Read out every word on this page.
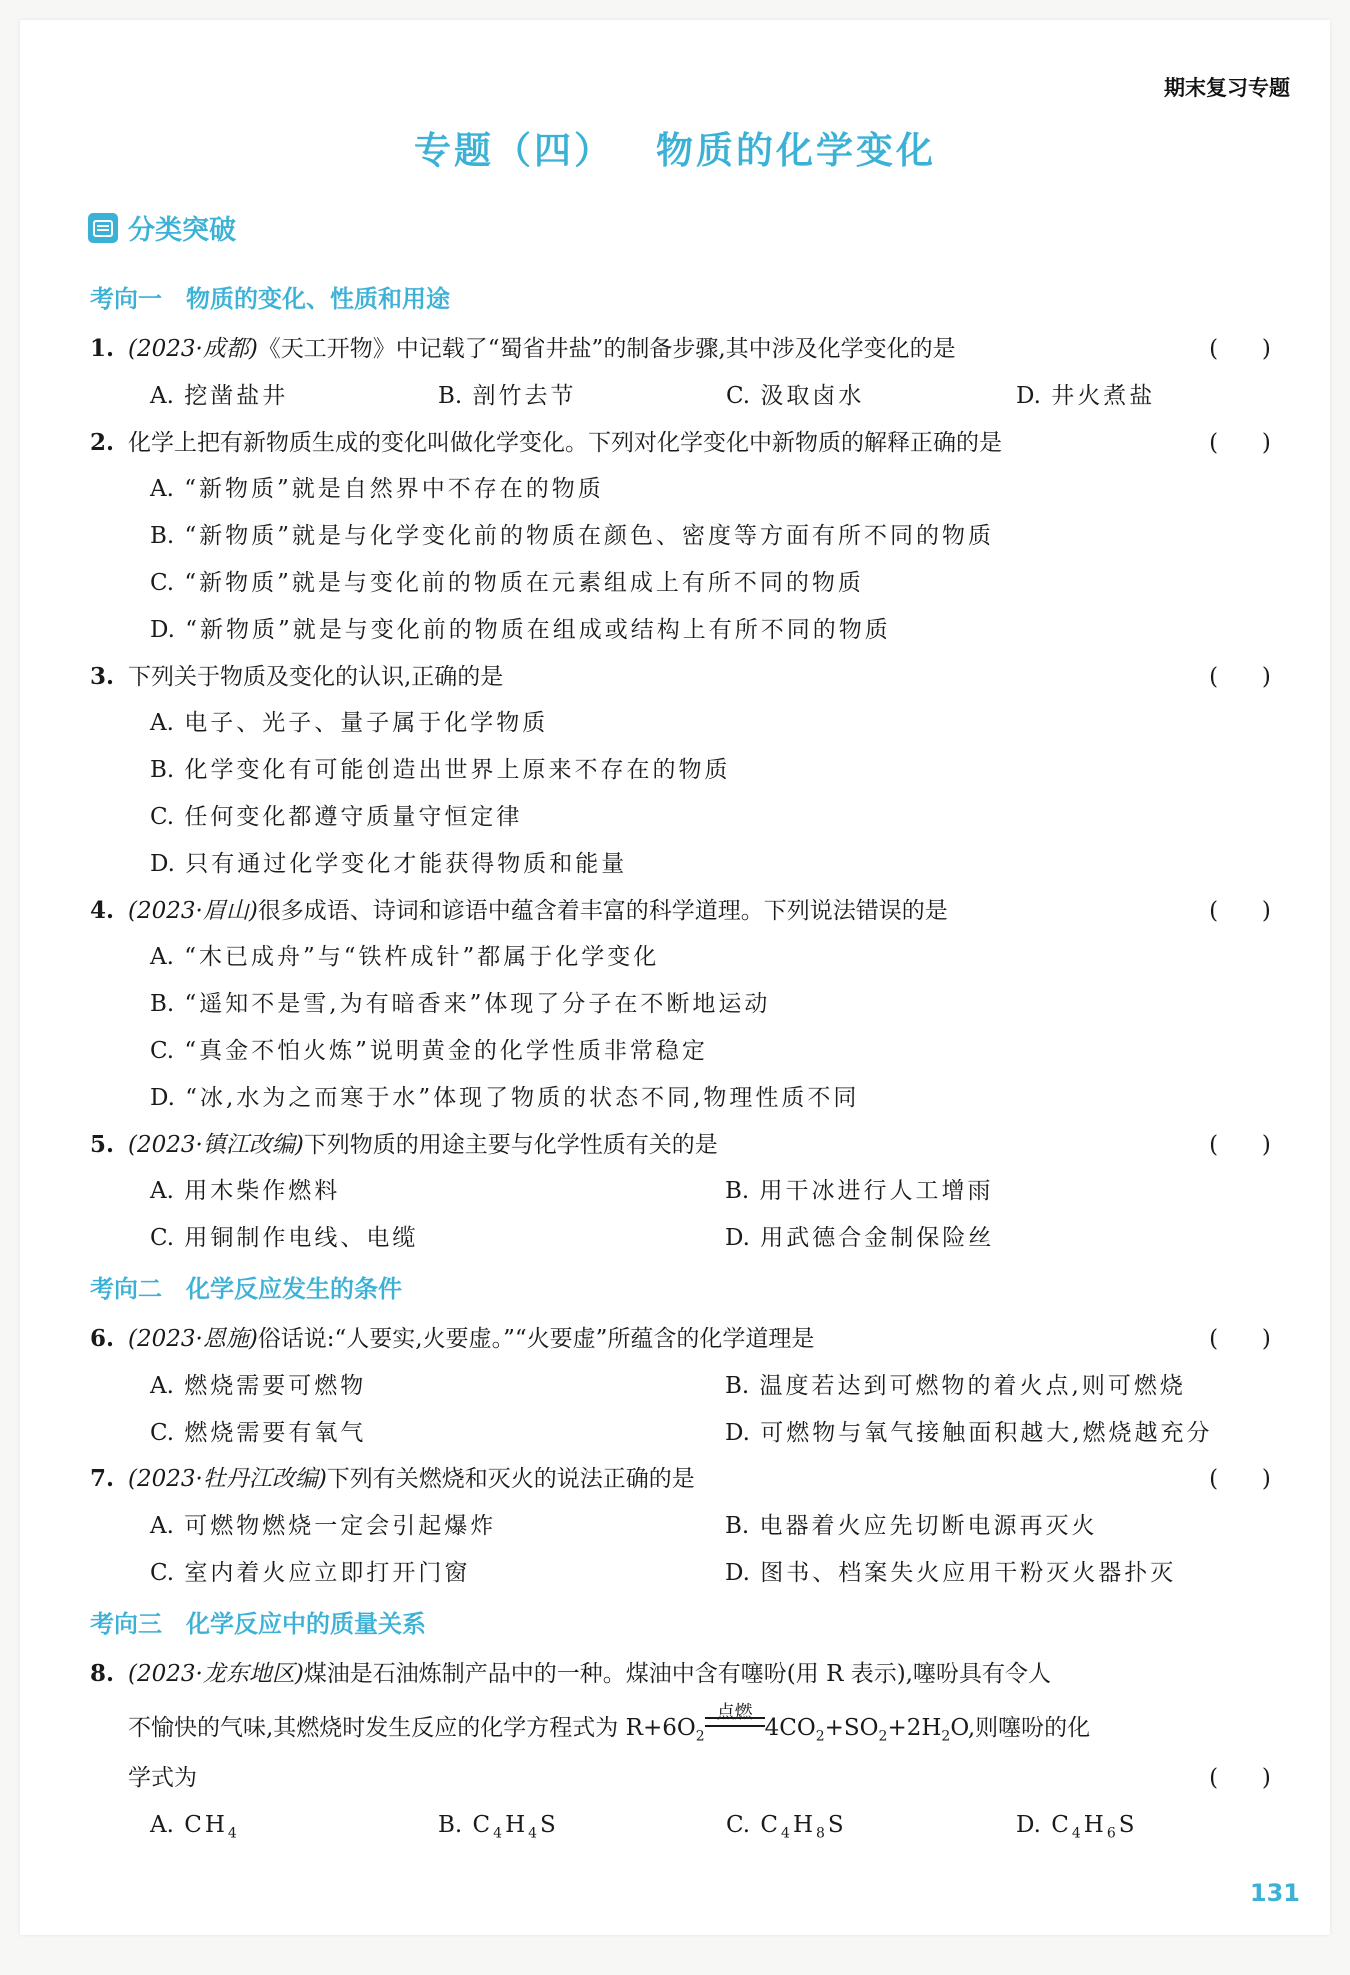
期末复习专题
专题（四） 物质的化学变化
分类突破
考向一 物质的变化、性质和用途
1. (2023·成都)《天工开物》中记载了“蜀省井盐”的制备步骤,其中涉及化学变化的是	(      )
A. 挖凿盐井	B. 剖竹去节	C. 汲取卤水	D. 井火煮盐
2. 化学上把有新物质生成的变化叫做化学变化。下列对化学变化中新物质的解释正确的是	(      )
A. “新物质”就是自然界中不存在的物质
B. “新物质”就是与化学变化前的物质在颜色、密度等方面有所不同的物质
C. “新物质”就是与变化前的物质在元素组成上有所不同的物质
D. “新物质”就是与变化前的物质在组成或结构上有所不同的物质
3. 下列关于物质及变化的认识,正确的是	(      )
A. 电子、光子、量子属于化学物质
B. 化学变化有可能创造出世界上原来不存在的物质
C. 任何变化都遵守质量守恒定律
D. 只有通过化学变化才能获得物质和能量
4. (2023·眉山)很多成语、诗词和谚语中蕴含着丰富的科学道理。下列说法错误的是	(      )
A. “木已成舟”与“铁杵成针”都属于化学变化
B. “遥知不是雪,为有暗香来”体现了分子在不断地运动
C. “真金不怕火炼”说明黄金的化学性质非常稳定
D. “冰,水为之而寒于水”体现了物质的状态不同,物理性质不同
5. (2023·镇江改编)下列物质的用途主要与化学性质有关的是	(      )
A. 用木柴作燃料	B. 用干冰进行人工增雨
C. 用铜制作电线、电缆	D. 用武德合金制保险丝
考向二 化学反应发生的条件
6. (2023·恩施)俗话说:“人要实,火要虚。”“火要虚”所蕴含的化学道理是	(      )
A. 燃烧需要可燃物	B. 温度若达到可燃物的着火点,则可燃烧
C. 燃烧需要有氧气	D. 可燃物与氧气接触面积越大,燃烧越充分
7. (2023·牡丹江改编)下列有关燃烧和灭火的说法正确的是	(      )
A. 可燃物燃烧一定会引起爆炸	B. 电器着火应先切断电源再灭火
C. 室内着火应立即打开门窗	D. 图书、档案失火应用干粉灭火器扑灭
考向三 化学反应中的质量关系
8. (2023·龙东地区)煤油是石油炼制产品中的一种。煤油中含有噻吩(用 R 表示),噻吩具有令人
不愉快的气味,其燃烧时发生反应的化学方程式为 $R+6O_2$
点燃
$4CO_2+SO_2+2H_2O$,则噻吩的化
学式为	(      )
A. $CH_4$	B. $C_4H_4S$	C. $C_4H_8S$	D. $C_4H_6S$
131
